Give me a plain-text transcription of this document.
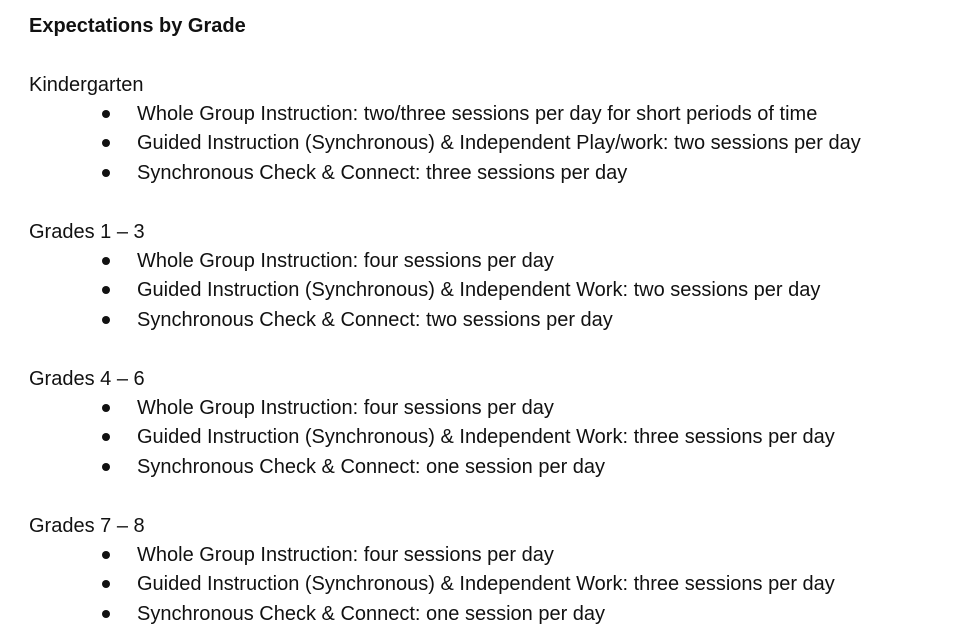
Expectations by Grade
Kindergarten
Whole Group Instruction: two/three sessions per day for short periods of time
Guided Instruction (Synchronous) & Independent Play/work: two sessions per day
Synchronous Check & Connect: three sessions per day
Grades 1 – 3
Whole Group Instruction: four sessions per day
Guided Instruction (Synchronous) & Independent Work: two sessions per day
Synchronous Check & Connect: two sessions per day
Grades 4 – 6
Whole Group Instruction: four sessions per day
Guided Instruction (Synchronous) & Independent Work: three sessions per day
Synchronous Check & Connect: one session per day
Grades 7 – 8
Whole Group Instruction: four sessions per day
Guided Instruction (Synchronous) & Independent Work: three sessions per day
Synchronous Check & Connect: one session per day
